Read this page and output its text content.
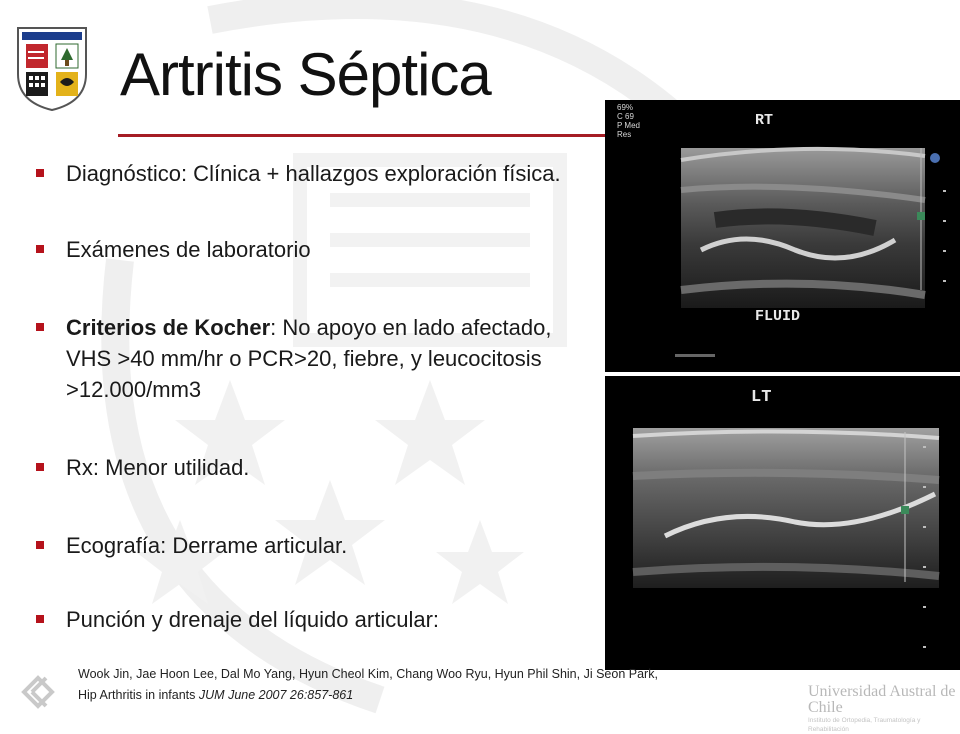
Artritis Séptica
Diagnóstico: Clínica + hallazgos exploración física.
Exámenes de laboratorio
Criterios de Kocher: No apoyo en lado afectado, VHS >40 mm/hr o PCR>20, fiebre, y leucocitosis >12.000/mm3
Rx: Menor utilidad.
Ecografía: Derrame articular.
Punción y drenaje del líquido articular:
69%
C 69
P Med
Res
RT
FLUID
LT
Wook Jin, Jae Hoon Lee, Dal Mo Yang, Hyun Cheol Kim, Chang Woo Ryu, Hyun Phil Shin, Ji Seon Park,
Hip Arthritis in infants JUM June 2007 26:857-861	Universidad Austral de Chile
Instituto de Ortopedia, Traumatología y Rehabilitación
